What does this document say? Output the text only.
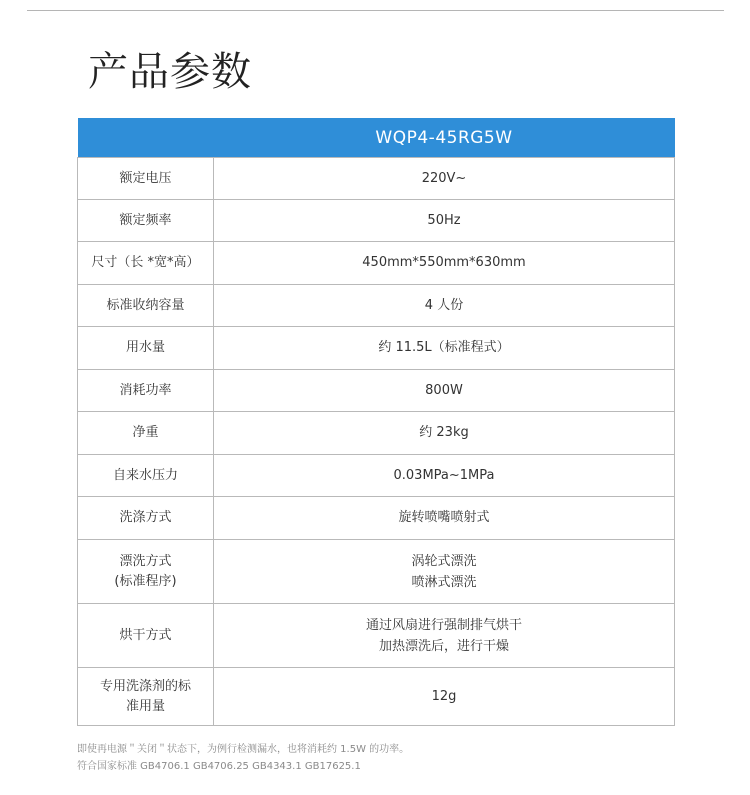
产品参数
	WQP4-45RG5W

额定电压	220V~

额定频率	50Hz

尺寸（长 *宽*高）	450mm*550mm*630mm

标准收纳容量	4 人份

用水量	约 11.5L（标准程式）

消耗功率	800W

净重	约 23kg

自来水压力	0.03MPa~1MPa

洗涤方式	旋转喷嘴喷射式

漂洗方式
(标准程序)	涡轮式漂洗
喷淋式漂洗

烘干方式	通过风扇进行强制排气烘干
加热漂洗后，进行干燥

专用洗涤剂的标
准用量	12g
即使再电源＂关闭＂状态下，为例行检测漏水，也将消耗约 1.5W 的功率。
符合国家标准 GB4706.1 GB4706.25 GB4343.1 GB17625.1
